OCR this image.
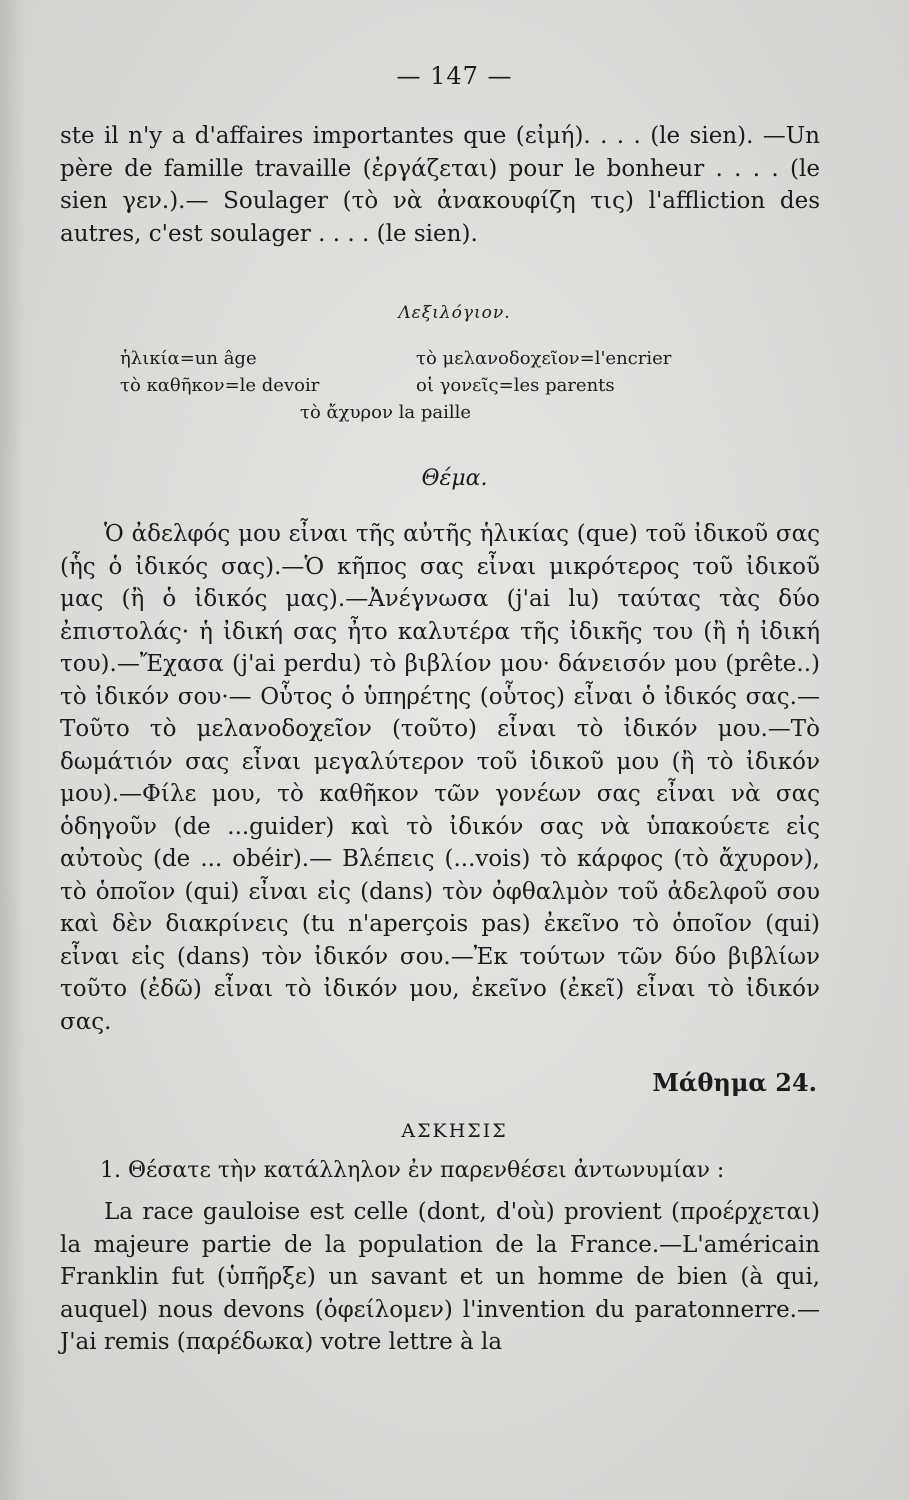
— 147 —

ste il n'y a d'affaires importantes que (εἰμή). . . . (le sien). —Un père de famille travaille (ἐργάζεται) pour le bonheur . . . . (le sien γεν.).— Soulager (τὸ νὰ ἀνακουφίζη τις) l'affliction des autres, c'est soulager . . . . (le sien).

Λεξιλόγιον.
ἡλικία=un âge	τὸ μελανοδοχεῖον=l'encrier
τὸ καθῆκον=le devoir	οἱ γονεῖς=les parents
τὸ ἄχυρον la paille
Θέμα.

Ὁ ἀδελφός μου εἶναι τῆς αὐτῆς ἡλικίας (que) τοῦ ἰδικοῦ σας (ἧς ὁ ἰδικός σας).—Ὁ κῆπος σας εἶναι μικρότερος τοῦ ἰδικοῦ μας (ἢ ὁ ἰδικός μας).—Ἀνέγνωσα (j'ai lu) ταύτας τὰς δύο ἐπιστολάς· ἡ ἰδική σας ἦτο καλυτέρα τῆς ἰδικῆς του (ἢ ἡ ἰδική του).—Ἔχασα (j'ai perdu) τὸ βιβλίον μου· δάνεισόν μου (prête..) τὸ ἰδικόν σου·— Οὗτος ὁ ὑπηρέτης (οὗτος) εἶναι ὁ ἰδικός σας.—Τοῦτο τὸ μελανοδοχεῖον (τοῦτο) εἶναι τὸ ἰδικόν μου.—Τὸ δωμάτιόν σας εἶναι μεγαλύτερον τοῦ ἰδικοῦ μου (ἢ τὸ ἰδικόν μου).—Φίλε μου, τὸ καθῆκον τῶν γονέων σας εἶναι νὰ σας ὁδηγοῦν (de ...guider) καὶ τὸ ἰδικόν σας νὰ ὑπακούετε εἰς αὐτοὺς (de ... obéir).— Βλέπεις (...vois) τὸ κάρφος (τὸ ἄχυρον), τὸ ὁποῖον (qui) εἶναι εἰς (dans) τὸν ὀφθαλμὸν τοῦ ἀδελφοῦ σου καὶ δὲν διακρίνεις (tu n'aperçois pas) ἐκεῖνο τὸ ὁποῖον (qui) εἶναι εἰς (dans) τὸν ἰδικόν σου.—Ἐκ τούτων τῶν δύο βιβλίων τοῦτο (ἐδῶ) εἶναι τὸ ἰδικόν μου, ἐκεῖνο (ἐκεῖ) εἶναι τὸ ἰδικόν σας.

Μάθημα 24.
ΑΣΚΗΣΙΣ
1. Θέσατε τὴν κατάλληλον ἐν παρενθέσει ἀντωνυμίαν :

La race gauloise est celle (dont, d'où) provient (προέρχεται) la majeure partie de la population de la France.—L'américain Franklin fut (ὑπῆρξε) un savant et un homme de bien (à qui, auquel) nous devons (ὀφείλομεν) l'invention du paratonnerre.— J'ai remis (παρέδωκα) votre lettre à la
